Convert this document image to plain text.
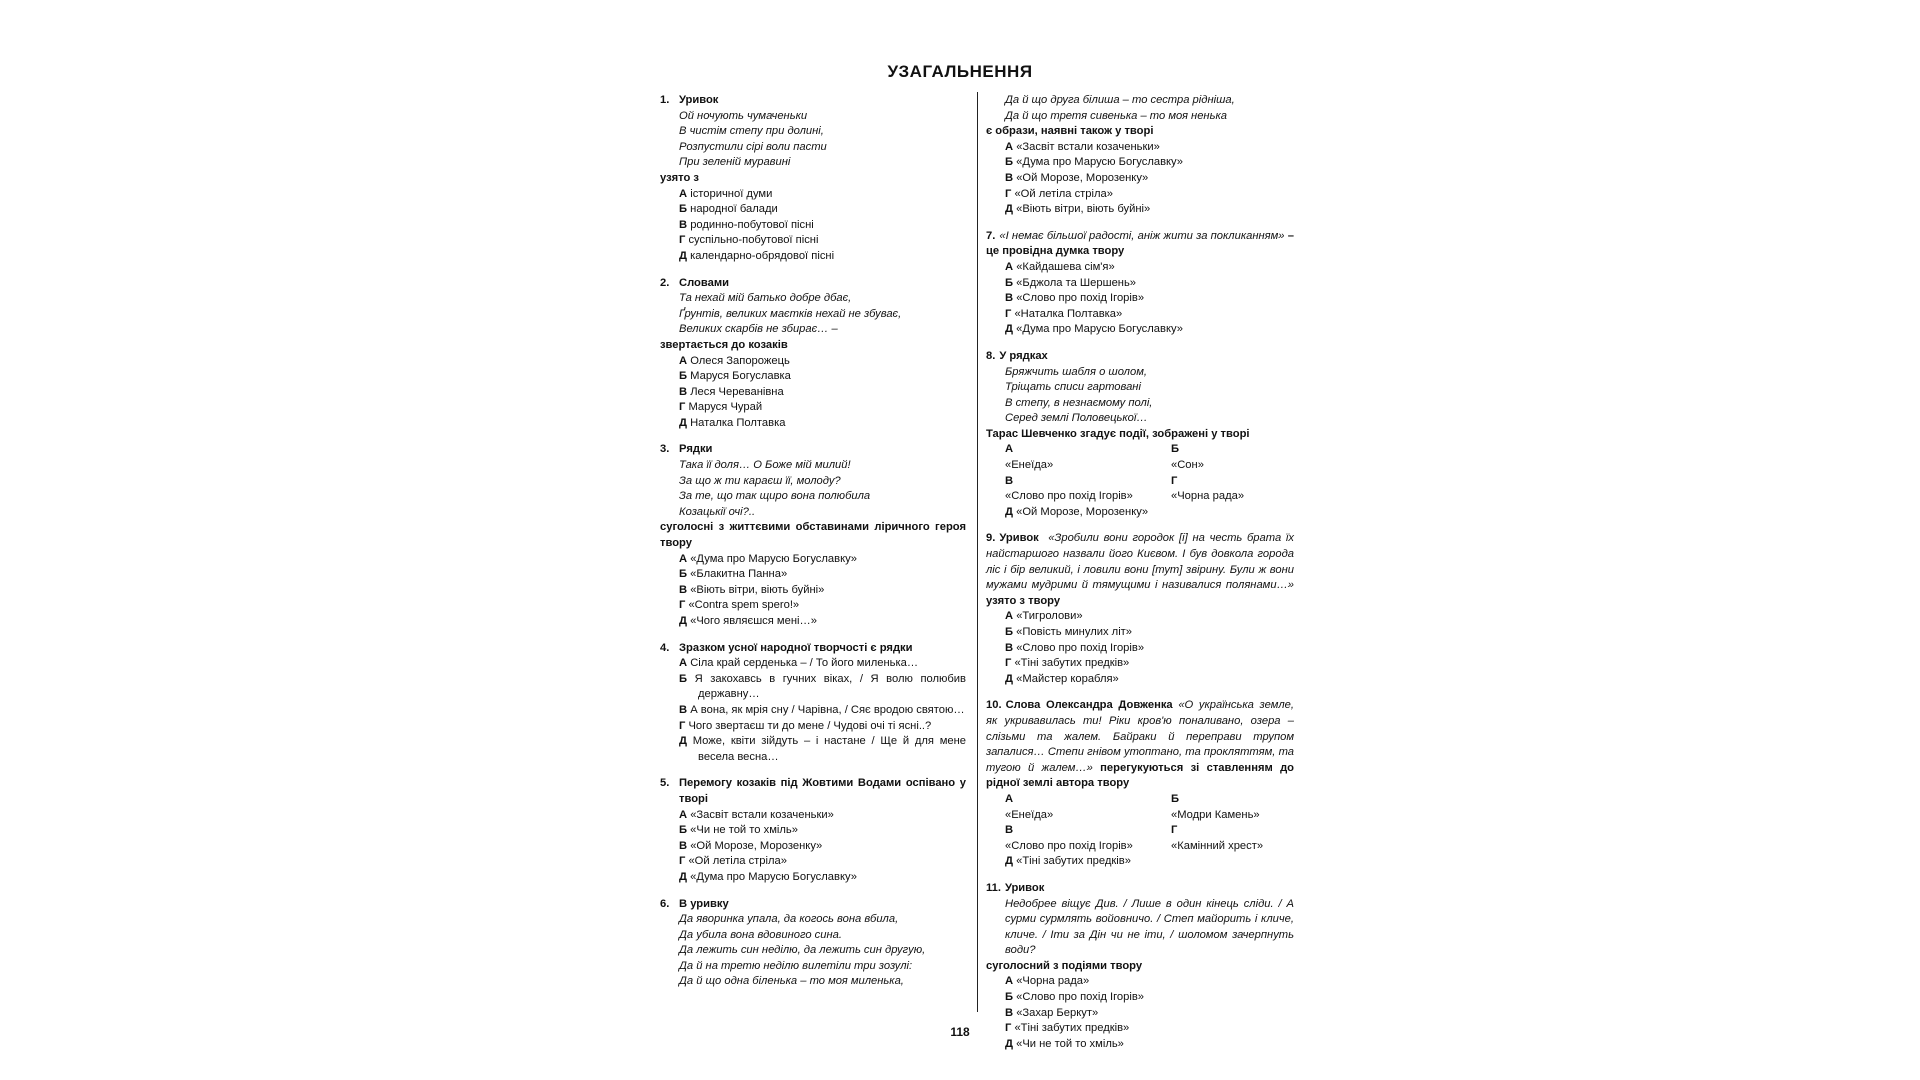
УЗАГАЛЬНЕННЯ
1. Уривок
Ой ночують чумаченьки
В чистім степу при долині,
Розпустили сірі воли пасти
При зеленій муравині
узято з
А історичної думи
Б народної балади
В родинно-побутової пісні
Г суспільно-побутової пісні
Д календарно-обрядової пісні
2. Словами
Та нехай мій батько добре дбає,
Ґрунтів, великих маєтків нехай не збуває,
Великих скарбів не збирає… –
звертається до козаків
А Олеся Запорожець
Б Маруся Богуславка
В Леся Череванівна
Г Маруся Чурай
Д Наталка Полтавка
3. Рядки
Така її доля… О Боже мій милий!
За що ж ти караєш її, молоду?
За те, що так щиро вона полюбила
Козацькії очі?..
суголосні з життєвими обставинами ліричного героя твору
А «Дума про Марусю Богуславку»
Б «Блакитна Панна»
В «Віють вітри, віють буйні»
Г «Contra spem spero!»
Д «Чого являєшся мені…»
4. Зразком усної народної творчості є рядки
А Сіла край серденька – / То його миленька…
Б Я закохавсь в гучних віках, / Я волю полюбив державну…
В А вона, як мрія сну / Чарівна, / Сяє вродою святою…
Г Чого звертаєш ти до мене / Чудові очі ті ясні..?
Д Може, квіти зійдуть – і настане / Ще й для мене весела весна…
5. Перемогу козаків під Жовтими Водами оспівано у творі
А «Засвіт встали козаченьки»
Б «Чи не той то хміль»
В «Ой Морозе, Морозенку»
Г «Ой летіла стріла»
Д «Дума про Марусю Богуславку»
6. В уривку
Да яворинка упала, да когось вона вбила,
Да убила вона вдовиного сина.
Да лежить син неділю, да лежить син другую,
Да й на третю неділю вилетіли три зозулі:
Да й що одна біленька – то моя миленька,
Да й що друга білиша – то сестра рідніша,
Да й що третя сивенька – то моя ненька
є образи, наявні також у творі
А «Засвіт встали козаченьки»
Б «Дума про Марусю Богуславку»
В «Ой Морозе, Морозенку»
Г «Ой летіла стріла»
Д «Віють вітри, віють буйні»
7. «І немає більшої радості, аніж жити за покликанням» – це провідна думка твору
А «Кайдашева сім'я»
Б «Бджола та Шершень»
В «Слово про похід Ігорів»
Г «Наталка Полтавка»
Д «Дума про Марусю Богуславку»
8. У рядках
Бряжчить шабля о шолом,
Тріщать списи гартовані
В степу, в незнаємому полі,
Серед землі Половецької…
Тарас Шевченко згадує події, зображені у творі
А
«Енеїда»
Б
«Сон»
В
«Слово про похід Ігорів»
Г
«Чорна рада»
Д «Ой Морозе, Морозенку»
9. Уривок «Зробили вони городок [і] на честь брата їх найстаршого назвали його Києвом. І був довкола города ліс і бір великий, і ловили вони [тут] звірину. Були ж вони мужами мудрими й тямущими і називалися полянами…» узято з твору
А «Тигролови»
Б «Повість минулих літ»
В «Слово про похід Ігорів»
Г «Тіні забутих предків»
Д «Майстер корабля»
10. Слова Олександра Довженка «О українська земле, як укривавилась ти! Ріки кров'ю поналивано, озера – слізьми та жалем. Байраки й переправи трупом запалися… Степи гнівом утоптано, та прокляттям, та тугою й жалем…» перегукуються зі ставленням до рідної землі автора твору
А
«Енеїда»
Б
«Модри Камень»
В
«Слово про похід Ігорів»
Г
«Камінний хрест»
Д «Тіні забутих предків»
11. Уривок
Недобрее віщує Див. / Лише в один кінець сліди. / А сурми сурмлять войовничо. / Степ майорить і кличе, кличе. / Іти за Дін чи не іти, / шоломом зачерпнуть води?
суголосний з подіями твору
А «Чорна рада»
Б «Слово про похід Ігорів»
В «Захар Беркут»
Г «Тіні забутих предків»
Д «Чи не той то хміль»
118
